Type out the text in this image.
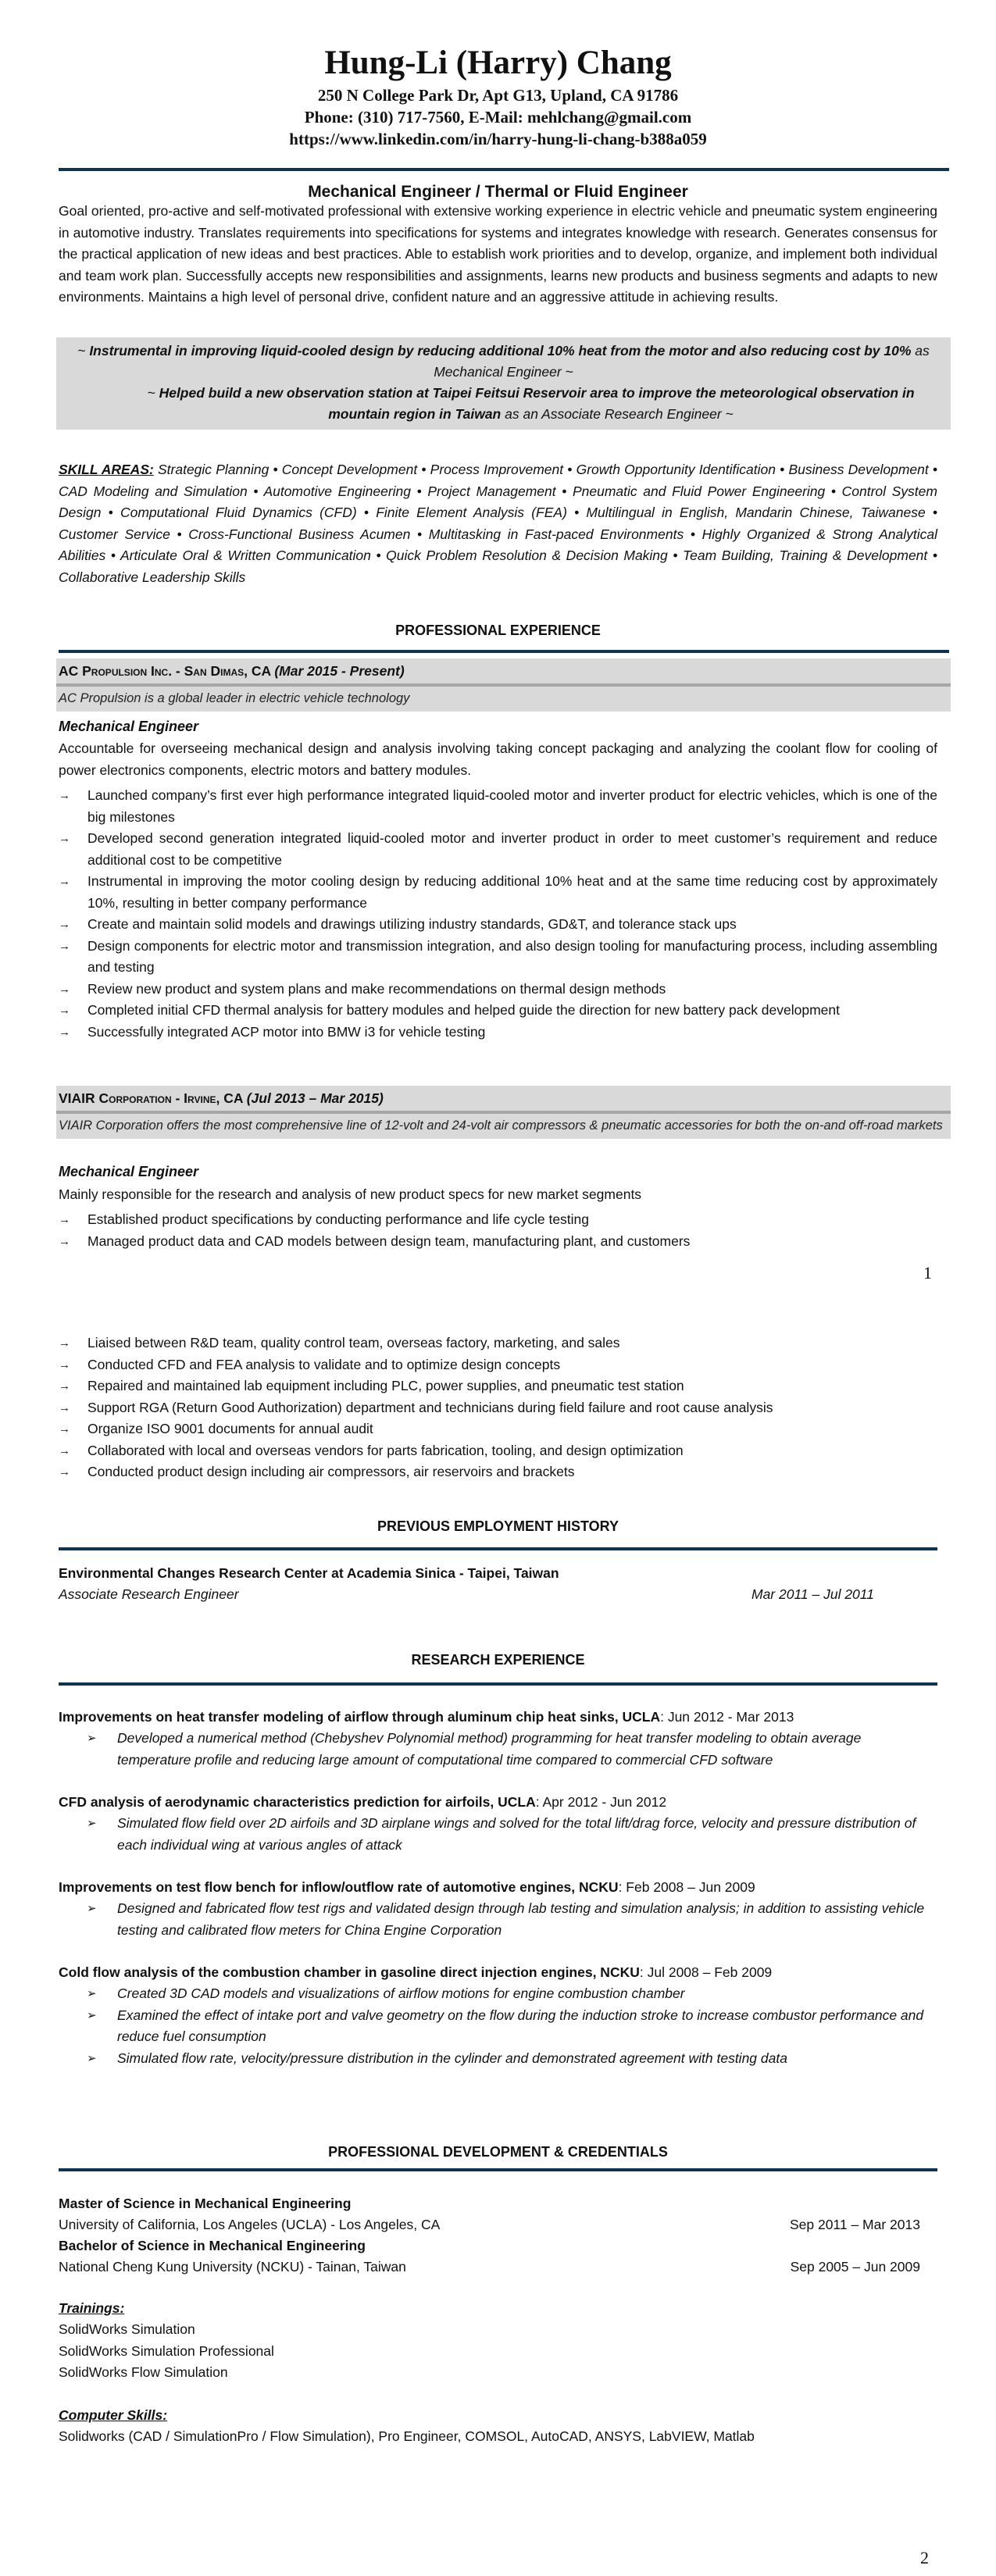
Hung-Li (Harry) Chang
250 N College Park Dr, Apt G13, Upland, CA 91786
Phone: (310) 717-7560, E-Mail: mehlchang@gmail.com
https://www.linkedin.com/in/harry-hung-li-chang-b388a059
Mechanical Engineer / Thermal or Fluid Engineer
Goal oriented, pro-active and self-motivated professional with extensive working experience in electric vehicle and pneumatic system engineering in automotive industry. Translates requirements into specifications for systems and integrates knowledge with research. Generates consensus for the practical application of new ideas and best practices. Able to establish work priorities and to develop, organize, and implement both individual and team work plan. Successfully accepts new responsibilities and assignments, learns new products and business segments and adapts to new environments. Maintains a high level of personal drive, confident nature and an aggressive attitude in achieving results.
~ Instrumental in improving liquid-cooled design by reducing additional 10% heat from the motor and also reducing cost by 10% as Mechanical Engineer ~
~ Helped build a new observation station at Taipei Feitsui Reservoir area to improve the meteorological observation in mountain region in Taiwan as an Associate Research Engineer ~
SKILL AREAS: Strategic Planning • Concept Development • Process Improvement • Growth Opportunity Identification • Business Development • CAD Modeling and Simulation • Automotive Engineering • Project Management • Pneumatic and Fluid Power Engineering • Control System Design • Computational Fluid Dynamics (CFD) • Finite Element Analysis (FEA) • Multilingual in English, Mandarin Chinese, Taiwanese • Customer Service • Cross-Functional Business Acumen • Multitasking in Fast-paced Environments • Highly Organized & Strong Analytical Abilities • Articulate Oral & Written Communication • Quick Problem Resolution & Decision Making • Team Building, Training & Development • Collaborative Leadership Skills
PROFESSIONAL EXPERIENCE
AC Propulsion Inc. - San Dimas, CA (Mar 2015 - Present)
AC Propulsion is a global leader in electric vehicle technology
Mechanical Engineer
Accountable for overseeing mechanical design and analysis involving taking concept packaging and analyzing the coolant flow for cooling of power electronics components, electric motors and battery modules.
→ Launched company’s first ever high performance integrated liquid-cooled motor and inverter product for electric vehicles, which is one of the big milestones
→ Developed second generation integrated liquid-cooled motor and inverter product in order to meet customer’s requirement and reduce additional cost to be competitive
→ Instrumental in improving the motor cooling design by reducing additional 10% heat and at the same time reducing cost by approximately 10%, resulting in better company performance
→ Create and maintain solid models and drawings utilizing industry standards, GD&T, and tolerance stack ups
→ Design components for electric motor and transmission integration, and also design tooling for manufacturing process, including assembling and testing
→ Review new product and system plans and make recommendations on thermal design methods
→ Completed initial CFD thermal analysis for battery modules and helped guide the direction for new battery pack development
→ Successfully integrated ACP motor into BMW i3 for vehicle testing
VIAIR Corporation - Irvine, CA (Jul 2013 – Mar 2015)
VIAIR Corporation offers the most comprehensive line of 12-volt and 24-volt air compressors & pneumatic accessories for both the on-and off-road markets
Mechanical Engineer
Mainly responsible for the research and analysis of new product specs for new market segments
→ Established product specifications by conducting performance and life cycle testing
→ Managed product data and CAD models between design team, manufacturing plant, and customers
1
→ Liaised between R&D team, quality control team, overseas factory, marketing, and sales
→ Conducted CFD and FEA analysis to validate and to optimize design concepts
→ Repaired and maintained lab equipment including PLC, power supplies, and pneumatic test station
→ Support RGA (Return Good Authorization) department and technicians during field failure and root cause analysis
→ Organize ISO 9001 documents for annual audit
→ Collaborated with local and overseas vendors for parts fabrication, tooling, and design optimization
→ Conducted product design including air compressors, air reservoirs and brackets
PREVIOUS EMPLOYMENT HISTORY
Environmental Changes Research Center at Academia Sinica - Taipei, Taiwan
Associate Research Engineer	Mar 2011 – Jul 2011
RESEARCH EXPERIENCE
Improvements on heat transfer modeling of airflow through aluminum chip heat sinks, UCLA: Jun 2012 - Mar 2013
➢ Developed a numerical method (Chebyshev Polynomial method) programming for heat transfer modeling to obtain average temperature profile and reducing large amount of computational time compared to commercial CFD software
CFD analysis of aerodynamic characteristics prediction for airfoils, UCLA: Apr 2012 - Jun 2012
➢ Simulated flow field over 2D airfoils and 3D airplane wings and solved for the total lift/drag force, velocity and pressure distribution of each individual wing at various angles of attack
Improvements on test flow bench for inflow/outflow rate of automotive engines, NCKU: Feb 2008 – Jun 2009
➢ Designed and fabricated flow test rigs and validated design through lab testing and simulation analysis; in addition to assisting vehicle testing and calibrated flow meters for China Engine Corporation
Cold flow analysis of the combustion chamber in gasoline direct injection engines, NCKU: Jul 2008 – Feb 2009
➢ Created 3D CAD models and visualizations of airflow motions for engine combustion chamber
➢ Examined the effect of intake port and valve geometry on the flow during the induction stroke to increase combustor performance and reduce fuel consumption
➢ Simulated flow rate, velocity/pressure distribution in the cylinder and demonstrated agreement with testing data
PROFESSIONAL DEVELOPMENT & CREDENTIALS
Master of Science in Mechanical Engineering
University of California, Los Angeles (UCLA) - Los Angeles, CA	Sep 2011 – Mar 2013
Bachelor of Science in Mechanical Engineering
National Cheng Kung University (NCKU) - Tainan, Taiwan	Sep 2005 – Jun 2009
Trainings:
SolidWorks Simulation
SolidWorks Simulation Professional
SolidWorks Flow Simulation
Computer Skills:
Solidworks (CAD / SimulationPro / Flow Simulation), Pro Engineer, COMSOL, AutoCAD, ANSYS, LabVIEW, Matlab
2
